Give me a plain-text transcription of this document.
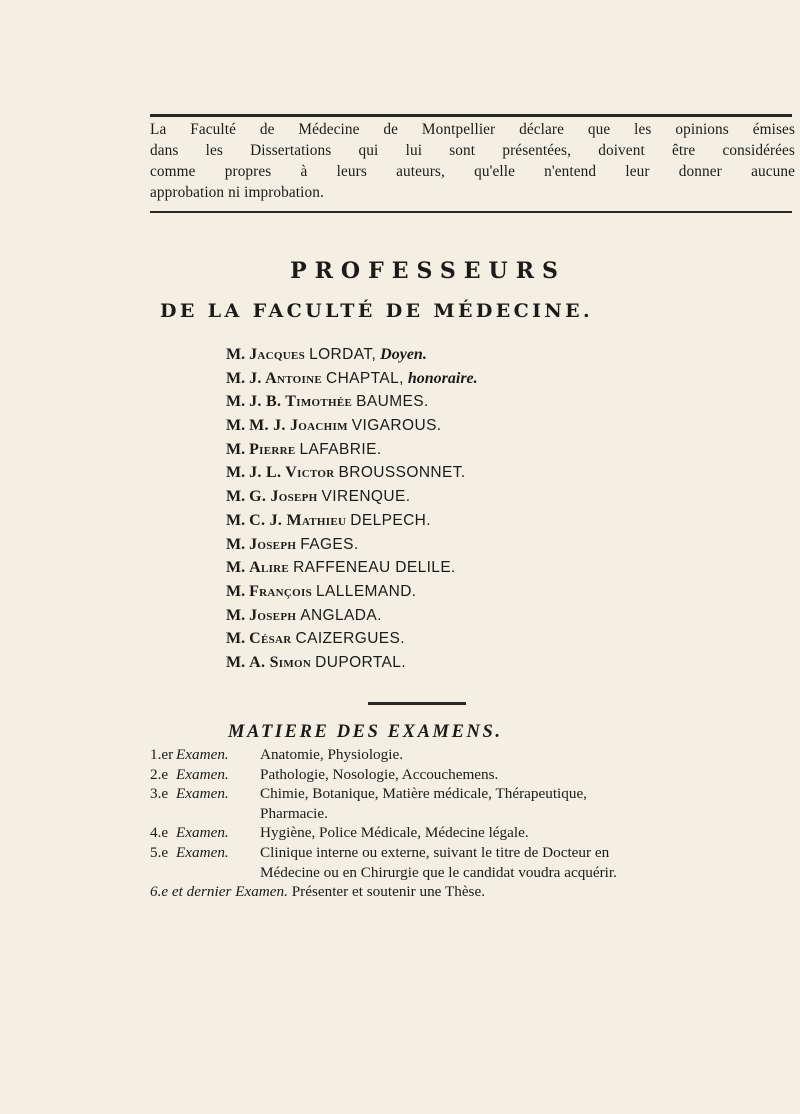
La Faculté de Médecine de Montpellier déclare que les opinions émises
dans les Dissertations qui lui sont présentées, doivent être considérées
comme propres à leurs auteurs, qu'elle n'entend leur donner aucune
approbation ni improbation.
PROFESSEURS
DE LA FACULTÉ DE MÉDECINE.
M. Jacques LORDAT, Doyen.
M. J. Antoine CHAPTAL, honoraire.
M. J. B. Timothée BAUMES.
M. M. J. Joachim VIGAROUS.
M. Pierre LAFABRIE.
M. J. L. Victor BROUSSONNET.
M. G. Joseph VIRENQUE.
M. C. J. Mathieu DELPECH.
M. Joseph FAGES.
M. Alire RAFFENEAU DELILE.
M. François LALLEMAND.
M. Joseph ANGLADA.
M. César CAIZERGUES.
M. A. Simon DUPORTAL.
MATIERE DES EXAMENS.
1.er Examen. Anatomie, Physiologie.
2.e Examen. Pathologie, Nosologie, Accouchemens.
3.e Examen. Chimie, Botanique, Matière médicale, Thérapeutique,
Pharmacie.
4.e Examen. Hygiène, Police Médicale, Médecine légale.
5.e Examen. Clinique interne ou externe, suivant le titre de Docteur en
Médecine ou en Chirurgie que le candidat voudra acquérir.
6.e et dernier Examen. Présenter et soutenir une Thèse.
